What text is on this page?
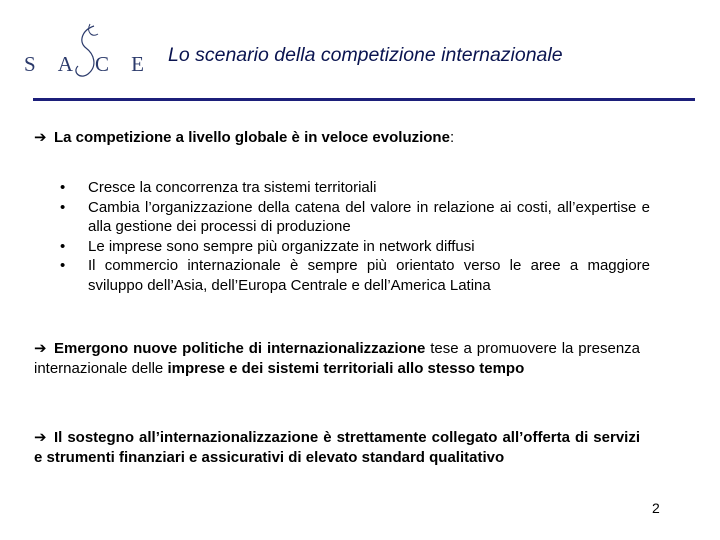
S A C E Lo scenario della competizione internazionale
➔ La competizione a livello globale è in veloce evoluzione:
• Cresce la concorrenza tra sistemi territoriali
• Cambia l’organizzazione della catena del valore in relazione ai costi, all’expertise e alla gestione dei processi di produzione
• Le imprese sono sempre più organizzate in network diffusi
• Il commercio internazionale è sempre più orientato verso le aree a maggiore sviluppo dell’Asia, dell’Europa Centrale e dell’America Latina
➔ Emergono nuove politiche di internazionalizzazione tese a promuovere la presenza internazionale delle imprese e dei sistemi territoriali allo stesso tempo
➔ Il sostegno all’internazionalizzazione è strettamente collegato all’offerta di servizi e strumenti finanziari e assicurativi di elevato standard qualitativo
2
